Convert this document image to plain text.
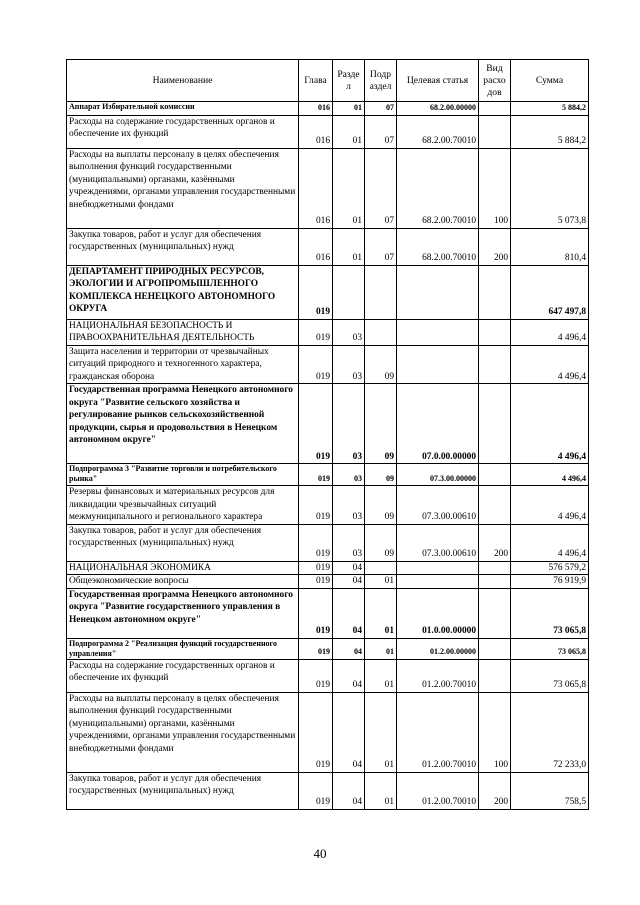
Наименование	Глава	Разде л	Подр аздел	Целевая статья	Вид расхо дов	Сумма
Аппарат Избирательной комиссии	016	01	07	68.2.00.00000		5 884,2
Расходы на содержание государственных органов и обеспечение их функций	016	01	07	68.2.00.70010		5 884,2
Расходы на выплаты персоналу в целях обеспечения выполнения функций государственными (муниципальными) органами, казёнными учреждениями, органами управления государственными внебюджетными фондами	016	01	07	68.2.00.70010	100	5 073,8
Закупка товаров, работ и услуг для обеспечения государственных (муниципальных) нужд	016	01	07	68.2.00.70010	200	810,4
ДЕПАРТАМЕНТ ПРИРОДНЫХ РЕСУРСОВ, ЭКОЛОГИИ И АГРОПРОМЫШЛЕННОГО КОМПЛЕКСА НЕНЕЦКОГО АВТОНОМНОГО ОКРУГА	019					647 497,8
НАЦИОНАЛЬНАЯ БЕЗОПАСНОСТЬ И ПРАВООХРАНИТЕЛЬНАЯ ДЕЯТЕЛЬНОСТЬ	019	03				4 496,4
Защита населения и территории от чрезвычайных ситуаций природного и техногенного характера, гражданская оборона	019	03	09			4 496,4
Государственная программа Ненецкого автономного округа "Развитие сельского хозяйства и регулирование рынков сельскохозяйственной продукции, сырья и продовольствия в Ненецком автономном округе"	019	03	09	07.0.00.00000		4 496,4
Подпрограмма 3 "Развитие торговли и потребительского рынка"	019	03	09	07.3.00.00000		4 496,4
Резервы финансовых и материальных ресурсов для ликвидации чрезвычайных ситуаций межмуниципального и регионального характера	019	03	09	07.3.00.00610		4 496,4
Закупка товаров, работ и услуг для обеспечения государственных (муниципальных) нужд	019	03	09	07.3.00.00610	200	4 496,4
НАЦИОНАЛЬНАЯ ЭКОНОМИКА	019	04				576 579,2
Общеэкономические вопросы	019	04	01			76 919,9
Государственная программа Ненецкого автономного округа "Развитие государственного управления в Ненецком автономном округе"	019	04	01	01.0.00.00000		73 065,8
Подпрограмма 2 "Реализация функций государственного управления"	019	04	01	01.2.00.00000		73 065,8
Расходы на содержание государственных органов и обеспечение их функций	019	04	01	01.2.00.70010		73 065,8
Расходы на выплаты персоналу в целях обеспечения выполнения функций государственными (муниципальными) органами, казёнными учреждениями, органами управления государственными внебюджетными фондами	019	04	01	01.2.00.70010	100	72 233,0
Закупка товаров, работ и услуг для обеспечения государственных (муниципальных) нужд	019	04	01	01.2.00.70010	200	758,5
40
